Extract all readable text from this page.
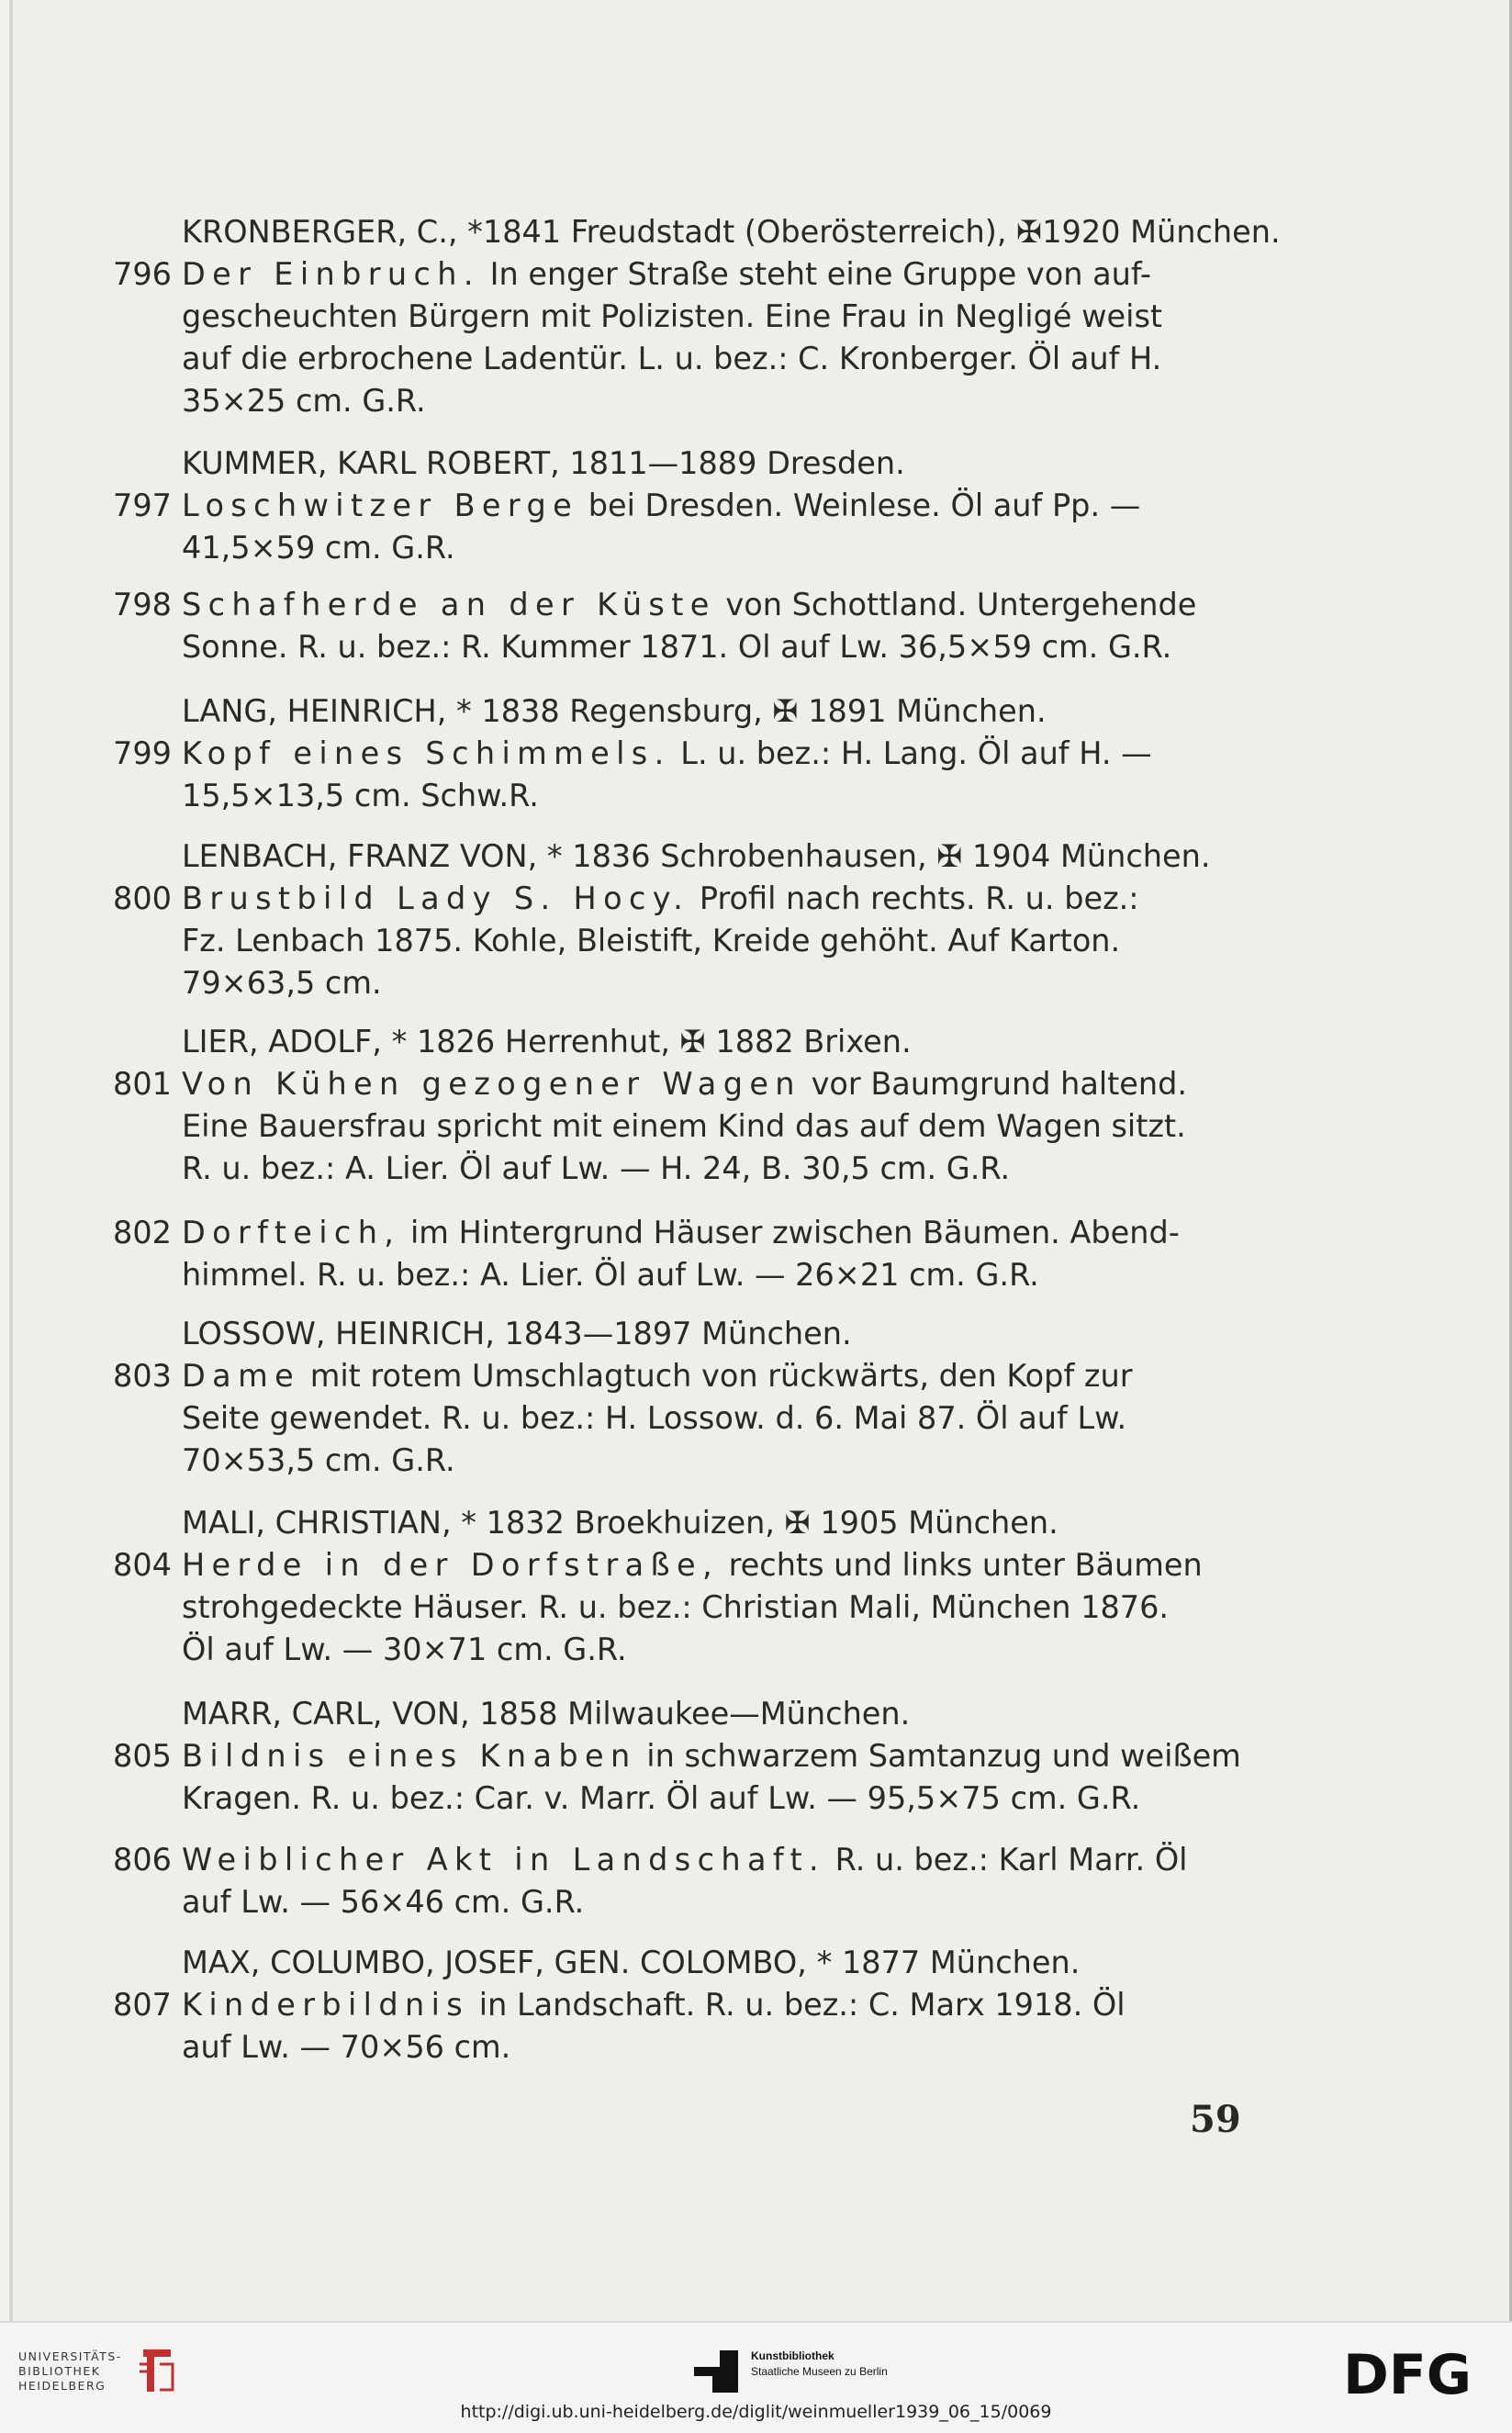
KRONBERGER, C., *1841 Freudstadt (Oberösterreich), ✠1920 München.
796 Der Einbruch. In enger Straße steht eine Gruppe von auf-
gescheuchten Bürgern mit Polizisten. Eine Frau in Negligé weist
auf die erbrochene Ladentür. L. u. bez.: C. Kronberger. Öl auf H.
35×25 cm. G.R.
KUMMER, KARL ROBERT, 1811—1889 Dresden.
797 Loschwitzer Berge bei Dresden. Weinlese. Öl auf Pp. —
41,5×59 cm. G.R.
798 Schafherde an der Küste von Schottland. Untergehende
Sonne. R. u. bez.: R. Kummer 1871. Ol auf Lw. 36,5×59 cm. G.R.
LANG, HEINRICH, * 1838 Regensburg, ✠ 1891 München.
799 Kopf eines Schimmels. L. u. bez.: H. Lang. Öl auf H. —
15,5×13,5 cm. Schw.R.
LENBACH, FRANZ VON, * 1836 Schrobenhausen, ✠ 1904 München.
800 Brustbild Lady S. Hocy. Profil nach rechts. R. u. bez.:
Fz. Lenbach 1875. Kohle, Bleistift, Kreide gehöht. Auf Karton.
79×63,5 cm.
LIER, ADOLF, * 1826 Herrenhut, ✠ 1882 Brixen.
801 Von Kühen gezogener Wagen vor Baumgrund haltend.
Eine Bauersfrau spricht mit einem Kind das auf dem Wagen sitzt.
R. u. bez.: A. Lier. Öl auf Lw. — H. 24, B. 30,5 cm. G.R.
802 Dorfteich, im Hintergrund Häuser zwischen Bäumen. Abend-
himmel. R. u. bez.: A. Lier. Öl auf Lw. — 26×21 cm. G.R.
LOSSOW, HEINRICH, 1843—1897 München.
803 Dame mit rotem Umschlagtuch von rückwärts, den Kopf zur
Seite gewendet. R. u. bez.: H. Lossow. d. 6. Mai 87. Öl auf Lw.
70×53,5 cm. G.R.
MALI, CHRISTIAN, * 1832 Broekhuizen, ✠ 1905 München.
804 Herde in der Dorfstraße, rechts und links unter Bäumen
strohgedeckte Häuser. R. u. bez.: Christian Mali, München 1876.
Öl auf Lw. — 30×71 cm. G.R.
MARR, CARL, VON, 1858 Milwaukee—München.
805 Bildnis eines Knaben in schwarzem Samtanzug und weißem
Kragen. R. u. bez.: Car. v. Marr. Öl auf Lw. — 95,5×75 cm. G.R.
806 Weiblicher Akt in Landschaft. R. u. bez.: Karl Marr. Öl
auf Lw. — 56×46 cm. G.R.
MAX, COLUMBO, JOSEF, GEN. COLOMBO, * 1877 München.
807 Kinderbildnis in Landschaft. R. u. bez.: C. Marx 1918. Öl
auf Lw. — 70×56 cm.
59
UNIVERSITÄTS-
BIBLIOTHEK
HEIDELBERG
Kunstbibliothek
Staatliche Museen zu Berlin	DFG
http://digi.ub.uni-heidelberg.de/diglit/weinmueller1939_06_15/0069
